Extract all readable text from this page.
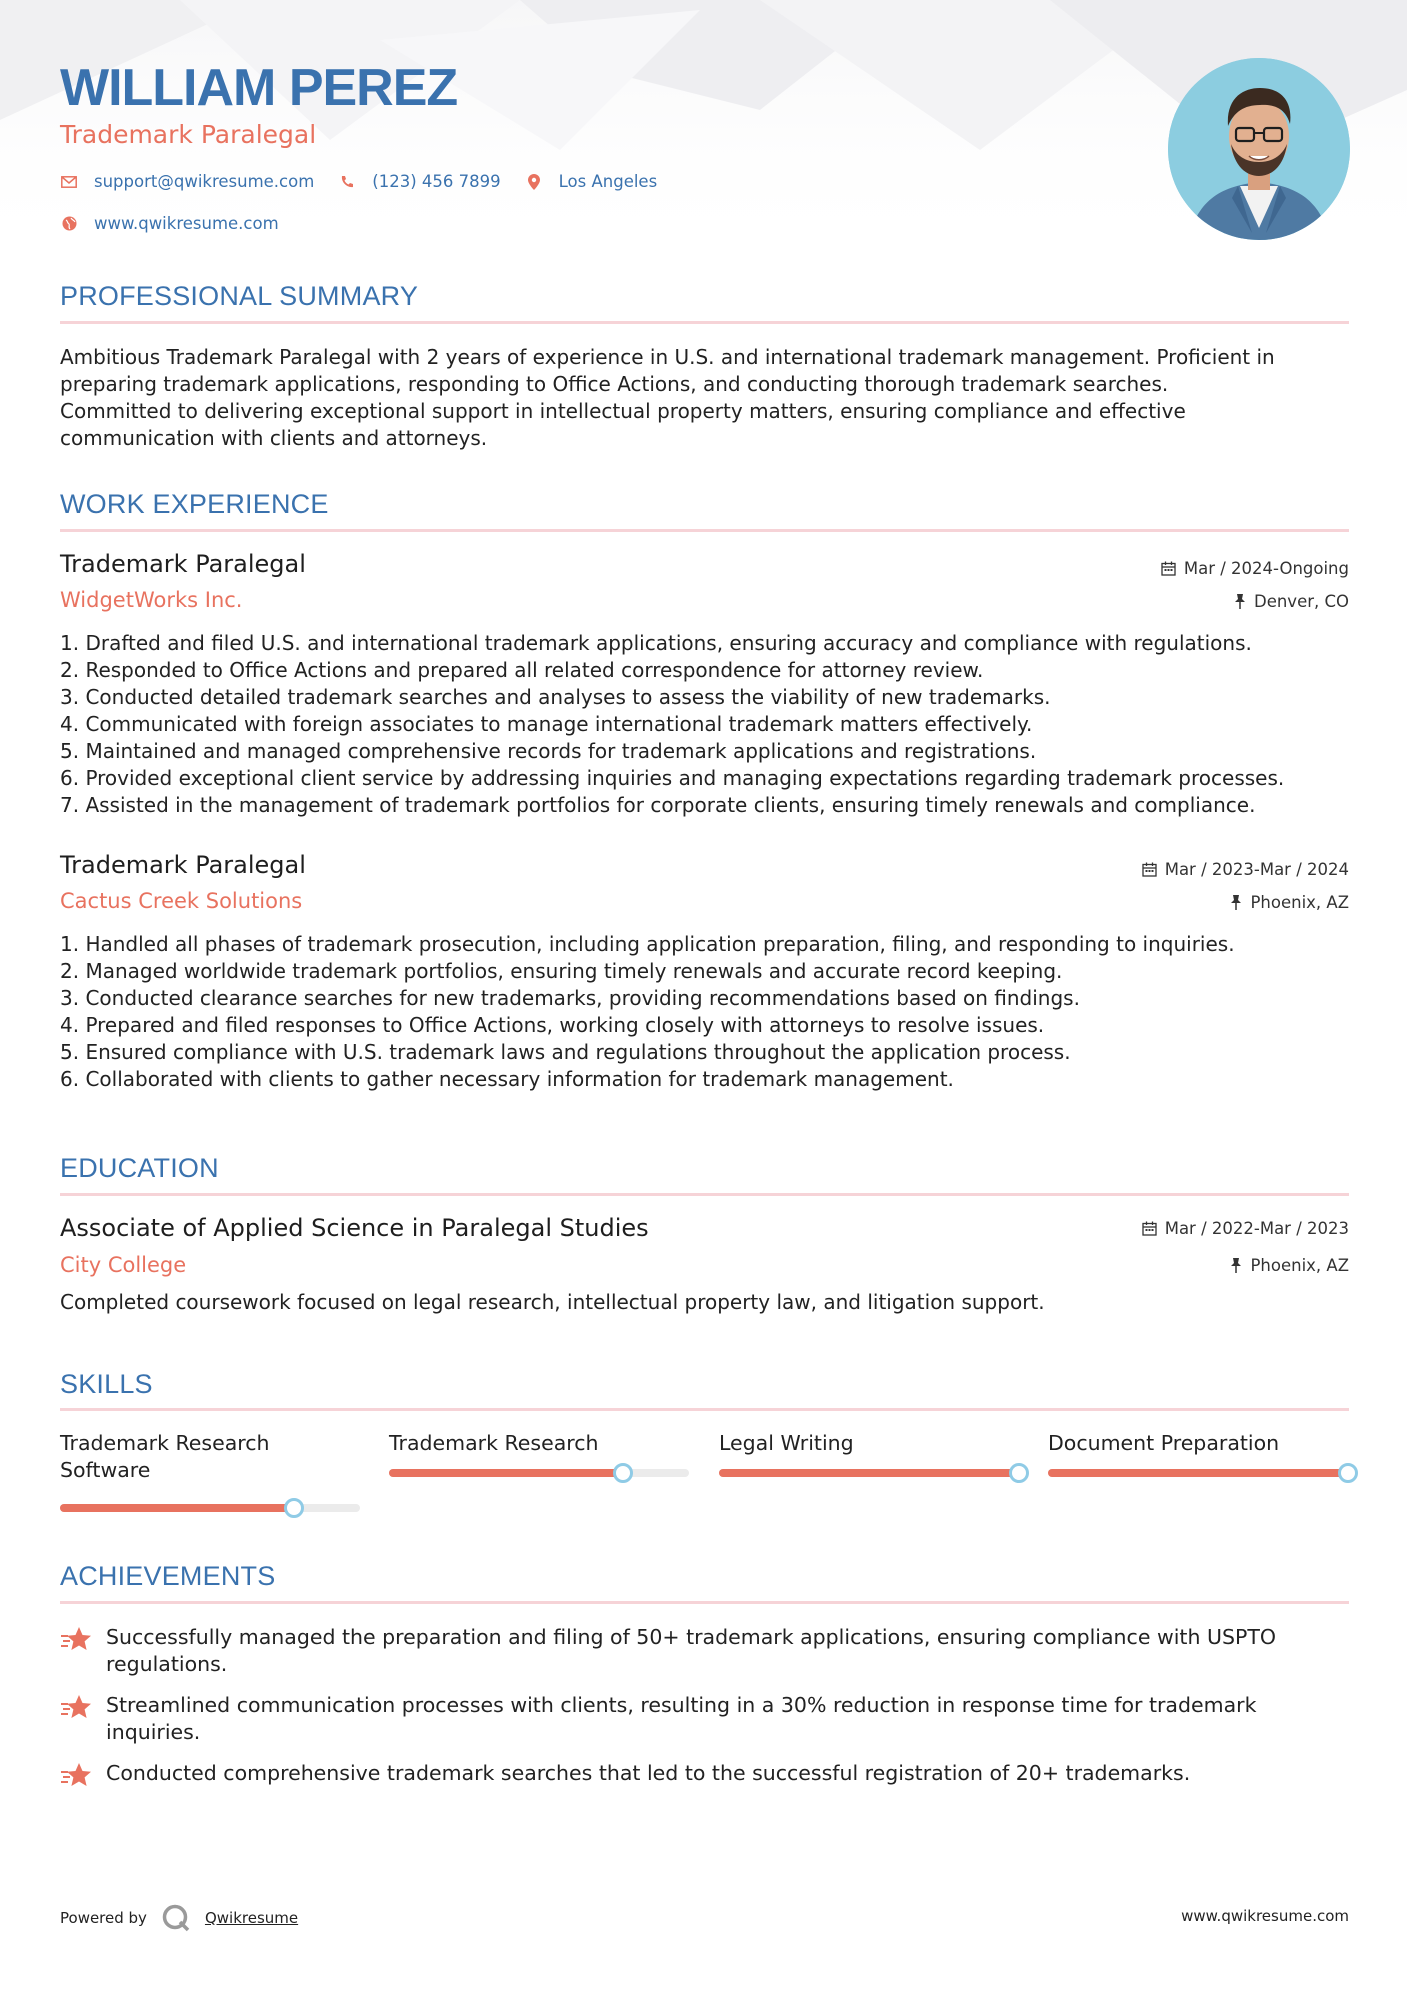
WILLIAM PEREZ
Trademark Paralegal
support@qwikresume.com	(123) 456 7899	Los Angeles
www.qwikresume.com
PROFESSIONAL SUMMARY
Ambitious Trademark Paralegal with 2 years of experience in U.S. and international trademark management. Proficient in
preparing trademark applications, responding to Office Actions, and conducting thorough trademark searches.
Committed to delivering exceptional support in intellectual property matters, ensuring compliance and effective
communication with clients and attorneys.
WORK EXPERIENCE
Trademark Paralegal	Mar / 2024-Ongoing
WidgetWorks Inc.	Denver, CO
1. Drafted and filed U.S. and international trademark applications, ensuring accuracy and compliance with regulations.
2. Responded to Office Actions and prepared all related correspondence for attorney review.
3. Conducted detailed trademark searches and analyses to assess the viability of new trademarks.
4. Communicated with foreign associates to manage international trademark matters effectively.
5. Maintained and managed comprehensive records for trademark applications and registrations.
6. Provided exceptional client service by addressing inquiries and managing expectations regarding trademark processes.
7. Assisted in the management of trademark portfolios for corporate clients, ensuring timely renewals and compliance.
Trademark Paralegal	Mar / 2023-Mar / 2024
Cactus Creek Solutions	Phoenix, AZ
1. Handled all phases of trademark prosecution, including application preparation, filing, and responding to inquiries.
2. Managed worldwide trademark portfolios, ensuring timely renewals and accurate record keeping.
3. Conducted clearance searches for new trademarks, providing recommendations based on findings.
4. Prepared and filed responses to Office Actions, working closely with attorneys to resolve issues.
5. Ensured compliance with U.S. trademark laws and regulations throughout the application process.
6. Collaborated with clients to gather necessary information for trademark management.
EDUCATION
Associate of Applied Science in Paralegal Studies	Mar / 2022-Mar / 2023
City College	Phoenix, AZ
Completed coursework focused on legal research, intellectual property law, and litigation support.
SKILLS
Trademark Research
Software
Trademark Research	Legal Writing	Document Preparation
ACHIEVEMENTS
Successfully managed the preparation and filing of 50+ trademark applications, ensuring compliance with USPTO
regulations.
Streamlined communication processes with clients, resulting in a 30% reduction in response time for trademark
inquiries.
Conducted comprehensive trademark searches that led to the successful registration of 20+ trademarks.
Powered by	Qwikresume	www.qwikresume.com
